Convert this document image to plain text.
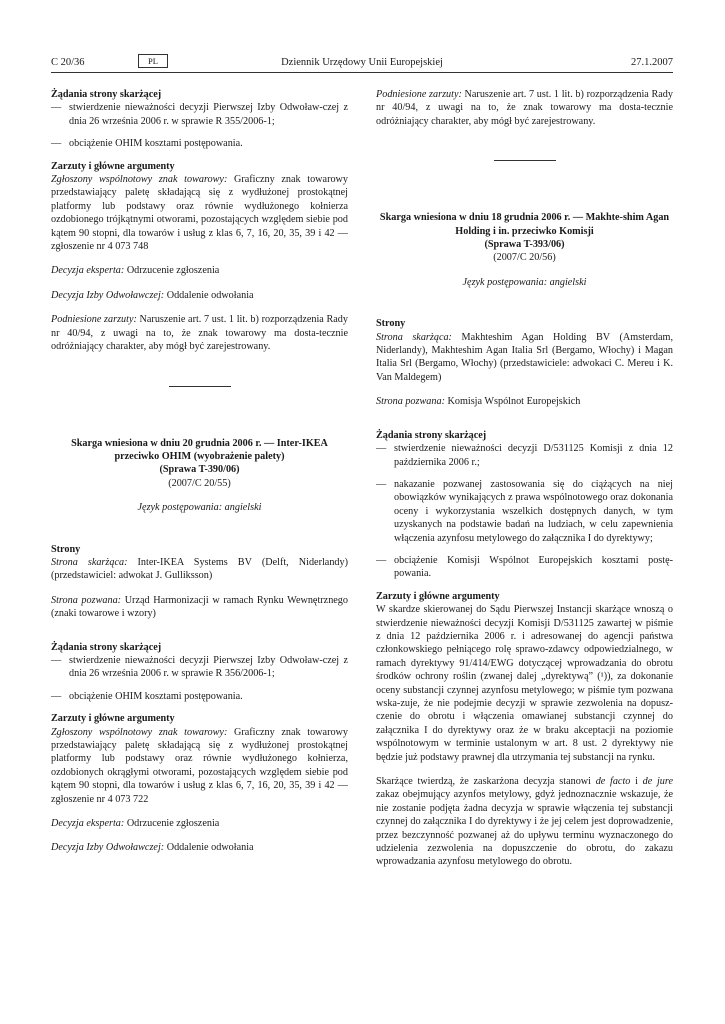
C 20/36	PL	Dziennik Urzędowy Unii Europejskiej	27.1.2007

Żądania strony skarżącej

— stwierdzenie nieważności decyzji Pierwszej Izby Odwoław-czej z dnia 26 września 2006 r. w sprawie R 355/2006-1;
— obciążenie OHIM kosztami postępowania.

Zarzuty i główne argumenty

Zgłoszony wspólnotowy znak towarowy: Graficzny znak towarowy przedstawiający paletę składającą się z wydłużonej prostokątnej platformy lub podstawy oraz równie wydłużonego kołnierza ozdobionego trójkątnymi otworami, pozostających względem siebie pod kątem 90 stopni, dla towarów i usług z klas 6, 7, 16, 20, 35, 39 i 42 — zgłoszenie nr 4 073 748

Decyzja eksperta: Odrzucenie zgłoszenia

Decyzja Izby Odwoławczej: Oddalenie odwołania

Podniesione zarzuty: Naruszenie art. 7 ust. 1 lit. b) rozporządzenia Rady nr 40/94, z uwagi na to, że znak towarowy ma dosta-tecznie odróżniający charakter, aby mógł być zarejestrowany.

Skarga wniesiona w dniu 20 grudnia 2006 r. — Inter-IKEA przeciwko OHIM (wyobrażenie palety)

(Sprawa T-390/06)

(2007/C 20/55)

Język postępowania: angielski

Strony

Strona skarżąca: Inter-IKEA Systems BV (Delft, Niderlandy) (przedstawiciel: adwokat J. Gulliksson)

Strona pozwana: Urząd Harmonizacji w ramach Rynku Wewnętrznego (znaki towarowe i wzory)

Żądania strony skarżącej

— stwierdzenie nieważności decyzji Pierwszej Izby Odwoław-czej z dnia 26 września 2006 r. w sprawie R 356/2006-1;
— obciążenie OHIM kosztami postępowania.

Zarzuty i główne argumenty

Zgłoszony wspólnotowy znak towarowy: Graficzny znak towarowy przedstawiający paletę składającą się z wydłużonej prostokątnej platformy lub podstawy oraz równie wydłużonego kołnierza, ozdobionych okrągłymi otworami, pozostających względem siebie pod kątem 90 stopni, dla towarów i usług z klas 6, 7, 16, 20, 35, 39 i 42 — zgłoszenie nr 4 073 722

Decyzja eksperta: Odrzucenie zgłoszenia

Decyzja Izby Odwoławczej: Oddalenie odwołania

Podniesione zarzuty: Naruszenie art. 7 ust. 1 lit. b) rozporządzenia Rady nr 40/94, z uwagi na to, że znak towarowy ma dosta-tecznie odróżniający charakter, aby mógł być zarejestrowany.

Skarga wniesiona w dniu 18 grudnia 2006 r. — Makhte-shim Agan Holding i in. przeciwko Komisji

(Sprawa T-393/06)

(2007/C 20/56)

Język postępowania: angielski

Strony

Strona skarżąca: Makhteshim Agan Holding BV (Amsterdam, Niderlandy), Makhteshim Agan Italia Srl (Bergamo, Włochy) i Magan Italia Srl (Bergamo, Włochy) (przedstawiciele: adwokaci C. Mereu i K. Van Maldegem)

Strona pozwana: Komisja Wspólnot Europejskich

Żądania strony skarżącej

— stwierdzenie nieważności decyzji D/531125 Komisji z dnia 12 października 2006 r.;
— nakazanie pozwanej zastosowania się do ciążących na niej obowiązków wynikających z prawa wspólnotowego oraz dokonania oceny i wykorzystania wszelkich dostępnych danych, w tym uzyskanych na podstawie badań na ludziach, w celu zapewnienia włączenia azynfosu metylowego do załącznika I do dyrektywy;
— obciążenie Komisji Wspólnot Europejskich kosztami postę-powania.

Zarzuty i główne argumenty

W skardze skierowanej do Sądu Pierwszej Instancji skarżące wnoszą o stwierdzenie nieważności decyzji Komisji D/531125 zawartej w piśmie z dnia 12 października 2006 r. i adresowanej do agencji państwa członkowskiego pełniącego rolę sprawo-zdawcy odpowiedzialnego, w ramach dyrektywy 91/414/EWG dotyczącej wprowadzania do obrotu środków ochrony roślin (zwanej dalej „dyrektywą” (¹)), za dokonanie oceny substancji czynnej azynfosu metylowego; w piśmie tym pozwana wska-zuje, że nie podejmie decyzji w sprawie zezwolenia na dopusz-czenie do obrotu i włączenia omawianej substancji czynnej do załącznika I do dyrektywy oraz że w braku akceptacji na poziomie wspólnotowym w terminie ustalonym w art. 8 ust. 2 dyrektywy nie będzie już podstawy prawnej dla utrzymania tej substancji na rynku.

Skarżące twierdzą, że zaskarżona decyzja stanowi de facto i de jure zakaz obejmujący azynfos metylowy, gdyż jednoznacznie wskazuje, że nie zostanie podjęta żadna decyzja w sprawie włączenia tej substancji czynnej do załącznika I do dyrektywy i że jej celem jest doprowadzenie, przez bezczynność pozwanej aż do upływu terminu wyznaczonego do udzielenia zezwolenia na dopuszczenie do obrotu, do zakazu wprowadzania azynfosu metylowego do obrotu.
